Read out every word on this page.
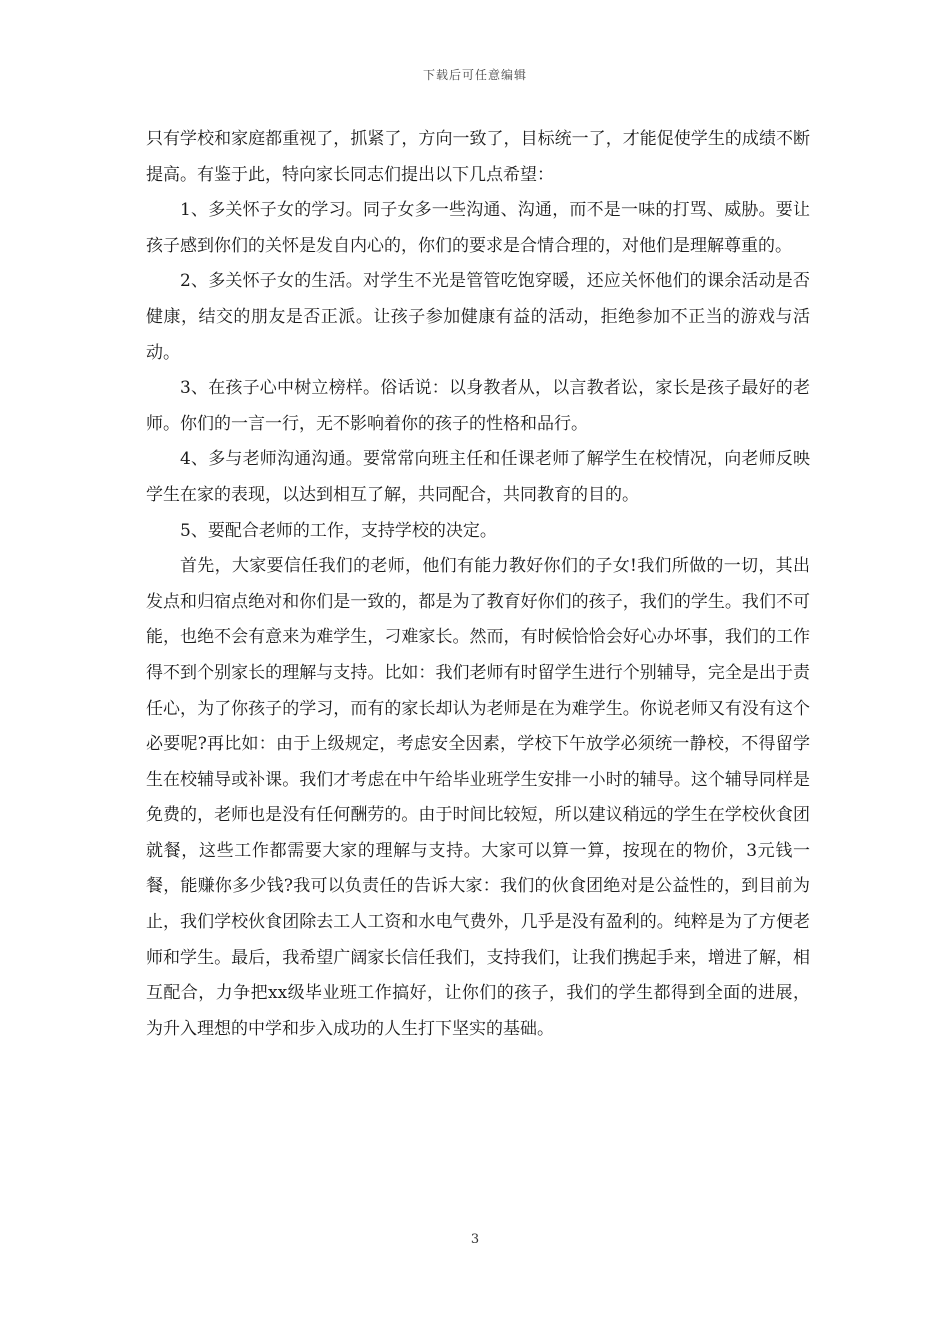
下载后可任意编辑

只有学校和家庭都重视了，抓紧了，方向一致了，目标统一了，才能促使学生的成绩不断提高。有鉴于此，特向家长同志们提出以下几点希望：

1、多关怀子女的学习。同子女多一些沟通、沟通，而不是一味的打骂、威胁。要让孩子感到你们的关怀是发自内心的，你们的要求是合情合理的，对他们是理解尊重的。

2、多关怀子女的生活。对学生不光是管管吃饱穿暖，还应关怀他们的课余活动是否健康，结交的朋友是否正派。让孩子参加健康有益的活动，拒绝参加不正当的游戏与活动。

3、在孩子心中树立榜样。俗话说：以身教者从，以言教者讼，家长是孩子最好的老师。你们的一言一行，无不影响着你的孩子的性格和品行。

4、多与老师沟通沟通。要常常向班主任和任课老师了解学生在校情况，向老师反映学生在家的表现，以达到相互了解，共同配合，共同教育的目的。

5、要配合老师的工作，支持学校的决定。

首先，大家要信任我们的老师，他们有能力教好你们的子女!我们所做的一切，其出发点和归宿点绝对和你们是一致的，都是为了教育好你们的孩子，我们的学生。我们不可能，也绝不会有意来为难学生，刁难家长。然而，有时候恰恰会好心办坏事，我们的工作得不到个别家长的理解与支持。比如：我们老师有时留学生进行个别辅导，完全是出于责任心，为了你孩子的学习，而有的家长却认为老师是在为难学生。你说老师又有没有这个必要呢?再比如：由于上级规定，考虑安全因素，学校下午放学必须统一静校，不得留学生在校辅导或补课。我们才考虑在中午给毕业班学生安排一小时的辅导。这个辅导同样是免费的，老师也是没有任何酬劳的。由于时间比较短，所以建议稍远的学生在学校伙食团就餐，这些工作都需要大家的理解与支持。大家可以算一算，按现在的物价，3元钱一餐，能赚你多少钱?我可以负责任的告诉大家：我们的伙食团绝对是公益性的，到目前为止，我们学校伙食团除去工人工资和水电气费外，几乎是没有盈利的。纯粹是为了方便老师和学生。最后，我希望广阔家长信任我们，支持我们，让我们携起手来，增进了解，相互配合，力争把xx级毕业班工作搞好，让你们的孩子，我们的学生都得到全面的进展，为升入理想的中学和步入成功的人生打下坚实的基础。

3
